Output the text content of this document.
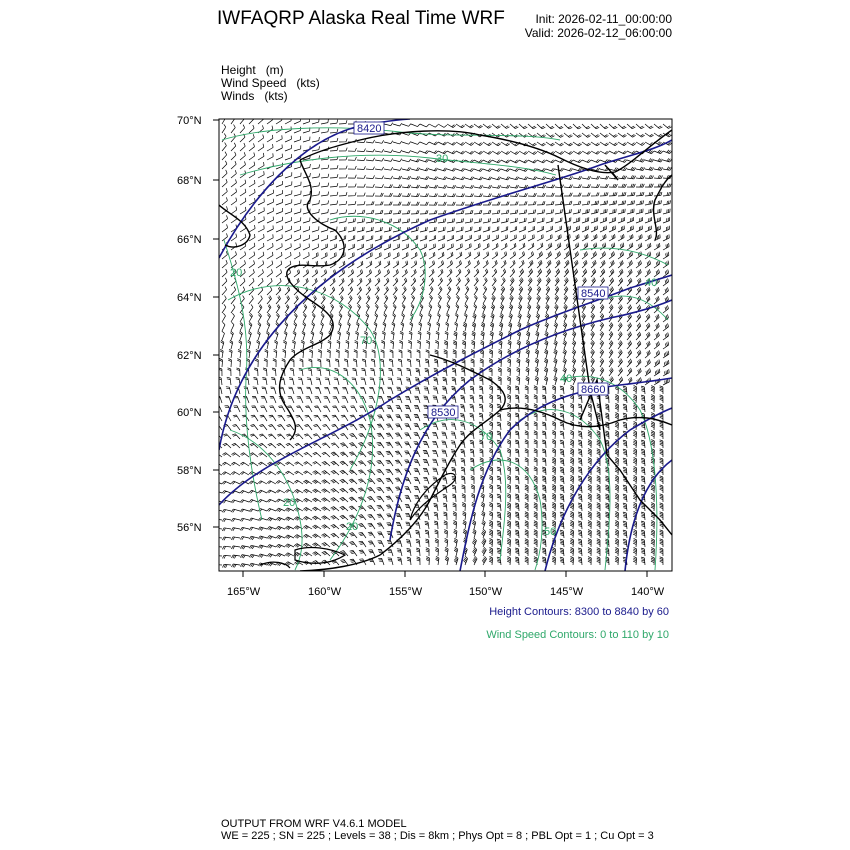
IWFAQRP Alaska Real Time WRF	Init: 2026-02-11_00:00:00
Valid: 2026-02-12_06:00:00
Height   (m)
Wind Speed   (kts)
Winds   (kts)
8420
8540
8530
8660
30
20
70
40
40
70
20
20	50
70°N
68°N
66°N
64°N
62°N
60°N
58°N
56°N
165°W	160°W	155°W	150°W	145°W	140°W
Height Contours: 8300 to 8840 by 60
Wind Speed Contours: 0 to 110 by 10
OUTPUT FROM WRF V4.6.1 MODEL
WE = 225 ; SN = 225 ; Levels = 38 ; Dis = 8km ; Phys Opt = 8 ; PBL Opt = 1 ; Cu Opt = 3
